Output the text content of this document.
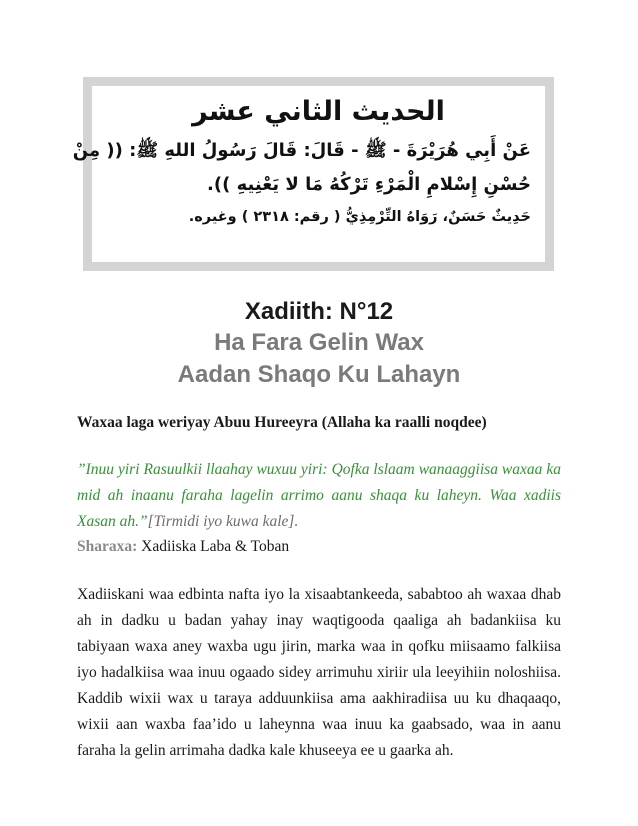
الحديث الثاني عشر
عَنْ أَبِي هُرَيْرَةَ - ﷺ - قَالَ: قَالَ رَسُولُ اللهِ ﷺ: (( مِنْ
حُسْنِ إِسْلامِ الْمَرْءِ تَرْكُهُ مَا لا يَعْنِيهِ )).
حَدِيثٌ حَسَنٌ، رَوَاهُ التِّرْمِذِيُّ ( رقم: ٢٣١٨ ) وغيره.
Xadiith: N°12
Ha Fara Gelin Wax
Aadan Shaqo Ku Lahayn
Waxaa laga weriyay Abuu Hureeyra (Allaha ka raalli noqdee)
”Inuu yiri Rasuulkii llaahay wuxuu yiri: Qofka lslaam wanaaggiisa waxaa ka mid ah inaanu faraha lagelin arrimo aanu shaqa ku laheyn. Waa xadiis Xasan ah.”[Tirmidi iyo kuwa kale].
Sharaxa: Xadiiska Laba & Toban
Xadiiskani waa edbinta nafta iyo la xisaabtankeeda, sababtoo ah waxaa dhab ah in dadku u badan yahay inay waqtigooda qaaliga ah badankiisa ku tabiyaan waxa aney waxba ugu jirin, marka waa in qofku miisaamo falkiisa iyo hadalkiisa waa inuu ogaado sidey arrimuhu xiriir ula leeyihiin noloshiisa. Kaddib wixii wax u taraya adduunkiisa ama aakhiradiisa uu ku dhaqaaqo, wixii aan waxba faa’ido u laheynna waa inuu ka gaabsado, waa in aanu faraha la gelin arrimaha dadka kale khuseeya ee u gaarka ah.
